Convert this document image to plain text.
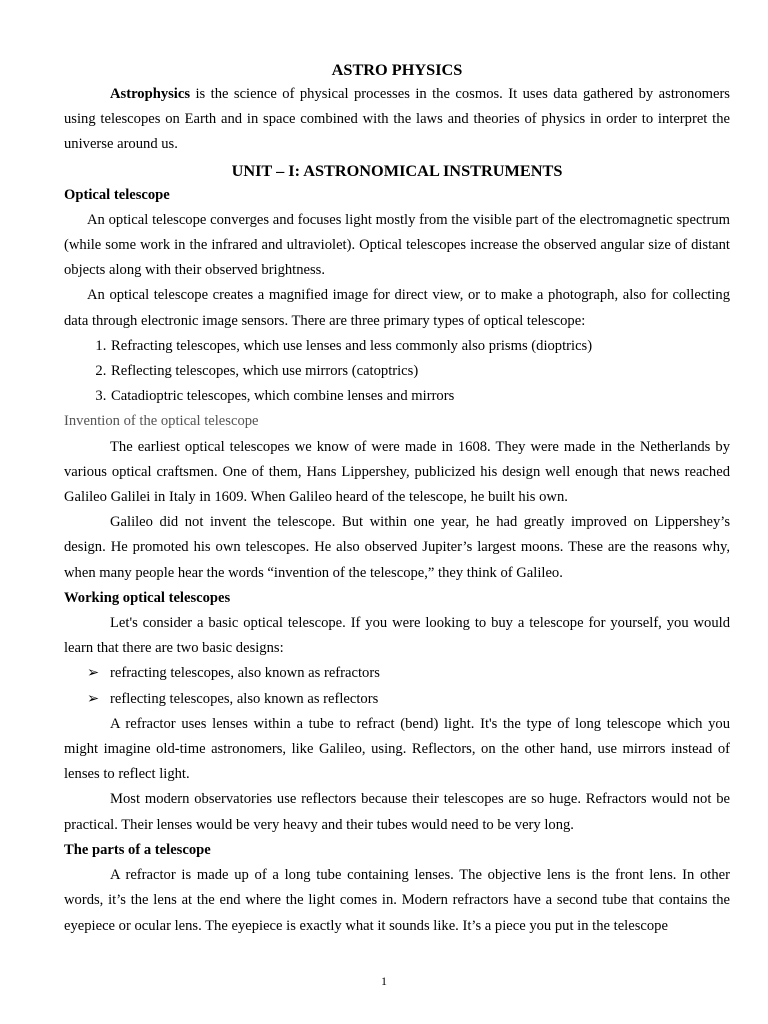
ASTRO PHYSICS

Astrophysics is the science of physical processes in the cosmos. It uses data gathered by astronomers using telescopes on Earth and in space combined with the laws and theories of physics in order to interpret the universe around us.

UNIT – I: ASTRONOMICAL INSTRUMENTS
Optical telescope

An optical telescope converges and focuses light mostly from the visible part of the electromagnetic spectrum (while some work in the infrared and ultraviolet). Optical telescopes increase the observed angular size of distant objects along with their observed brightness.

An optical telescope creates a magnified image for direct view, or to make a photograph, also for collecting data through electronic image sensors. There are three primary types of optical telescope:

1. Refracting telescopes, which use lenses and less commonly also prisms (dioptrics)
2. Reflecting telescopes, which use mirrors (catoptrics)
3. Catadioptric telescopes, which combine lenses and mirrors
Invention of the optical telescope

The earliest optical telescopes we know of were made in 1608. They were made in the Netherlands by various optical craftsmen. One of them, Hans Lippershey, publicized his design well enough that news reached Galileo Galilei in Italy in 1609. When Galileo heard of the telescope, he built his own.

Galileo did not invent the telescope. But within one year, he had greatly improved on Lippershey’s design. He promoted his own telescopes. He also observed Jupiter’s largest moons. These are the reasons why, when many people hear the words “invention of the telescope,” they think of Galileo.

Working optical telescopes

Let's consider a basic optical telescope. If you were looking to buy a telescope for yourself, you would learn that there are two basic designs:

➢ refracting telescopes, also known as refractors
➢ reflecting telescopes, also known as reflectors

A refractor uses lenses within a tube to refract (bend) light. It's the type of long telescope which you might imagine old-time astronomers, like Galileo, using. Reflectors, on the other hand, use mirrors instead of lenses to reflect light.

Most modern observatories use reflectors because their telescopes are so huge. Refractors would not be practical. Their lenses would be very heavy and their tubes would need to be very long.

The parts of a telescope

A refractor is made up of a long tube containing lenses. The objective lens is the front lens. In other words, it’s the lens at the end where the light comes in. Modern refractors have a second tube that contains the eyepiece or ocular lens. The eyepiece is exactly what it sounds like. It’s a piece you put in the telescope

1
